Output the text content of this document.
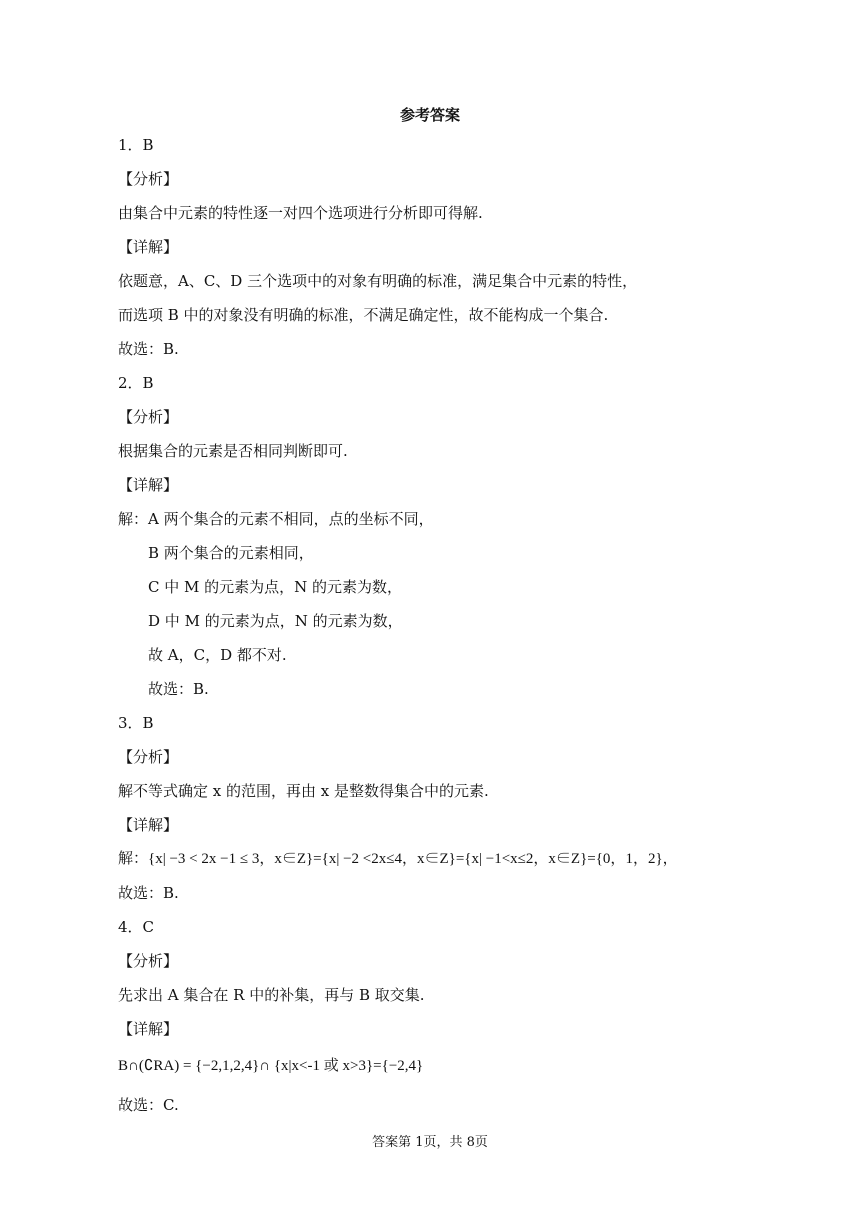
参考答案
1．B
【分析】
由集合中元素的特性逐一对四个选项进行分析即可得解.
【详解】
依题意，A、C、D 三个选项中的对象有明确的标准，满足集合中元素的特性，
而选项 B 中的对象没有明确的标准，不满足确定性，故不能构成一个集合.
故选：B.
2．B
【分析】
根据集合的元素是否相同判断即可.
【详解】
解：A 两个集合的元素不相同，点的坐标不同，
B 两个集合的元素相同，
C 中 M 的元素为点，N 的元素为数，
D 中 M 的元素为点，N 的元素为数，
故 A，C，D 都不对.
故选：B.
3．B
【分析】
解不等式确定 x 的范围，再由 x 是整数得集合中的元素.
【详解】
解：{x| −3 < 2x −1 ≤ 3，x∈Z}={x| −2 <2x≤4，x∈Z}={x| −1<x≤2，x∈Z}={0，1，2}，
故选：B.
4．C
【分析】
先求出 A 集合在 R 中的补集，再与 B 取交集.
【详解】
B∩(∁RA) = {−2,1,2,4}∩ {x|x<-1 或 x>3}={−2,4}
故选：C.
答案第 1页，共 8页
